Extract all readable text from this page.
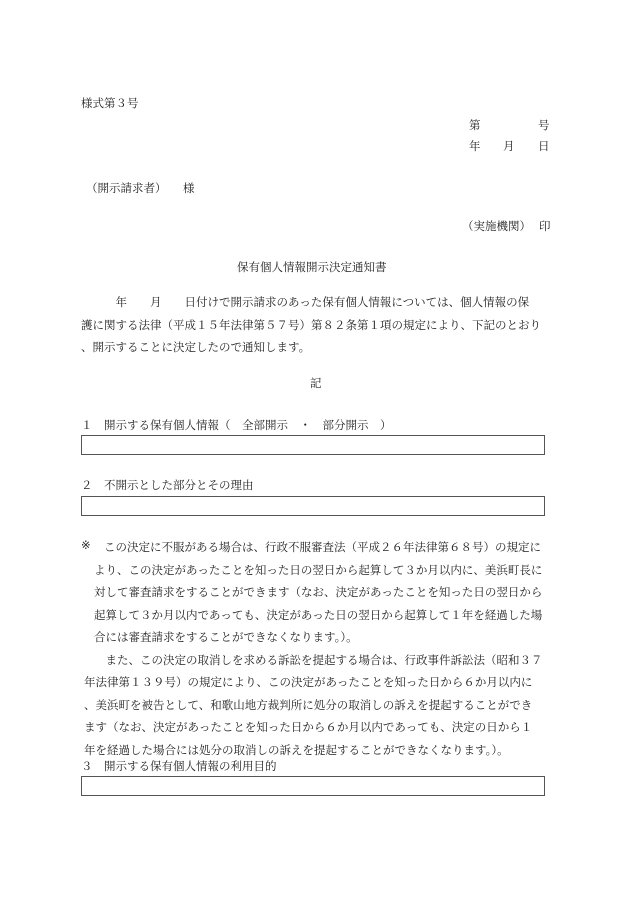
様式第３号
第	号
年 月 日
（開示請求者） 様
（実施機関） 印
保有個人情報開示決定通知書
　　　年　　月　　日付けで開示請求のあった保有個人情報については、個人情報の保
護に関する法律（平成１５年法律第５７号）第８２条第１項の規定により、下記のとおり
、開示することに決定したので通知します。
記
１　開示する保有個人情報（　全部開示　・　部分開示　）
２　不開示とした部分とその理由
※	この決定に不服がある場合は、行政不服審査法（平成２６年法律第６８号）の規定に
より、この決定があったことを知った日の翌日から起算して３か月以内に、美浜町長に
対して審査請求をすることができます（なお、決定があったことを知った日の翌日から
起算して３か月以内であっても、決定があった日の翌日から起算して１年を経過した場
合には審査請求をすることができなくなります。）。
　また、この決定の取消しを求める訴訟を提起する場合は、行政事件訴訟法（昭和３７
年法律第１３９号）の規定により、この決定があったことを知った日から６か月以内に
、美浜町を被告として、和歌山地方裁判所に処分の取消しの訴えを提起することができ
ます（なお、決定があったことを知った日から６か月以内であっても、決定の日から１
年を経過した場合には処分の取消しの訴えを提起することができなくなります。）。
３　開示する保有個人情報の利用目的
